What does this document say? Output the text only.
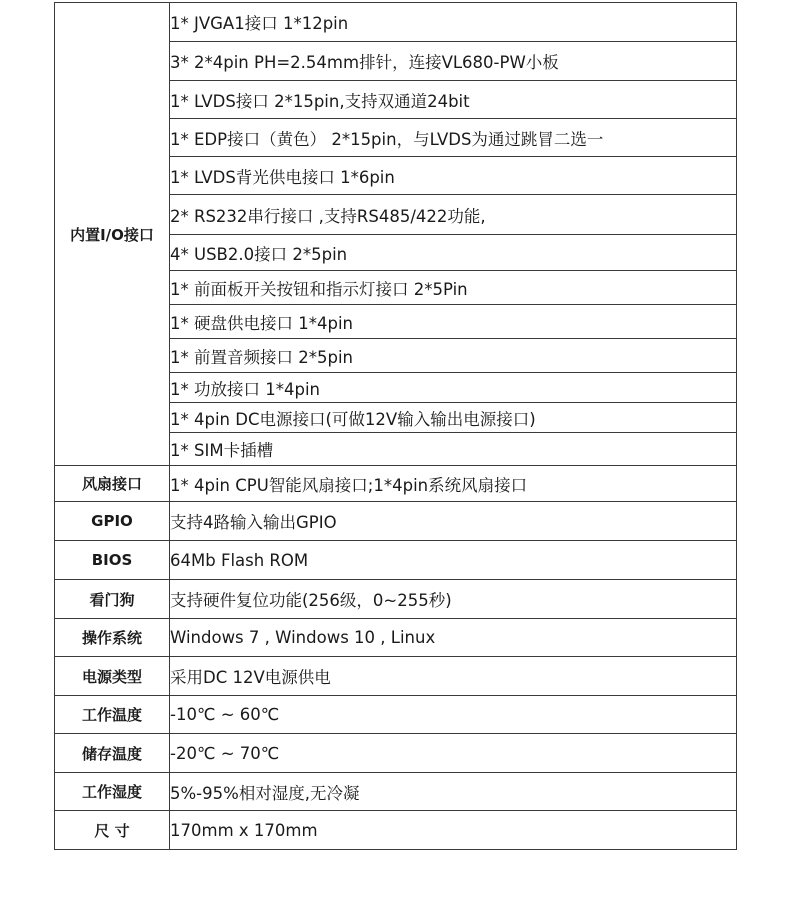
内置I/O接口	1* JVGA1接口 1*12pin
	3* 2*4pin PH=2.54mm排针，连接VL680-PW小板
	1* LVDS接口 2*15pin,支持双通道24bit
	1* EDP接口（黄色） 2*15pin，与LVDS为通过跳冒二选一
	1* LVDS背光供电接口 1*6pin
	2* RS232串行接口 ,支持RS485/422功能,
	4* USB2.0接口 2*5pin
	1* 前面板开关按钮和指示灯接口 2*5Pin
	1* 硬盘供电接口 1*4pin
	1* 前置音频接口 2*5pin
	1* 功放接口 1*4pin
	1* 4pin DC电源接口(可做12V输入输出电源接口)
	1* SIM卡插槽
风扇接口	1* 4pin CPU智能风扇接口;1*4pin系统风扇接口
GPIO	支持4路输入输出GPIO
BIOS	64Mb Flash ROM
看门狗	支持硬件复位功能(256级，0~255秒)
操作系统	Windows 7 , Windows 10 , Linux
电源类型	采用DC 12V电源供电
工作温度	-10℃ ~ 60℃
储存温度	-20℃ ~ 70℃
工作湿度	5%-95%相对湿度,无冷凝
尺 寸	170mm x 170mm
